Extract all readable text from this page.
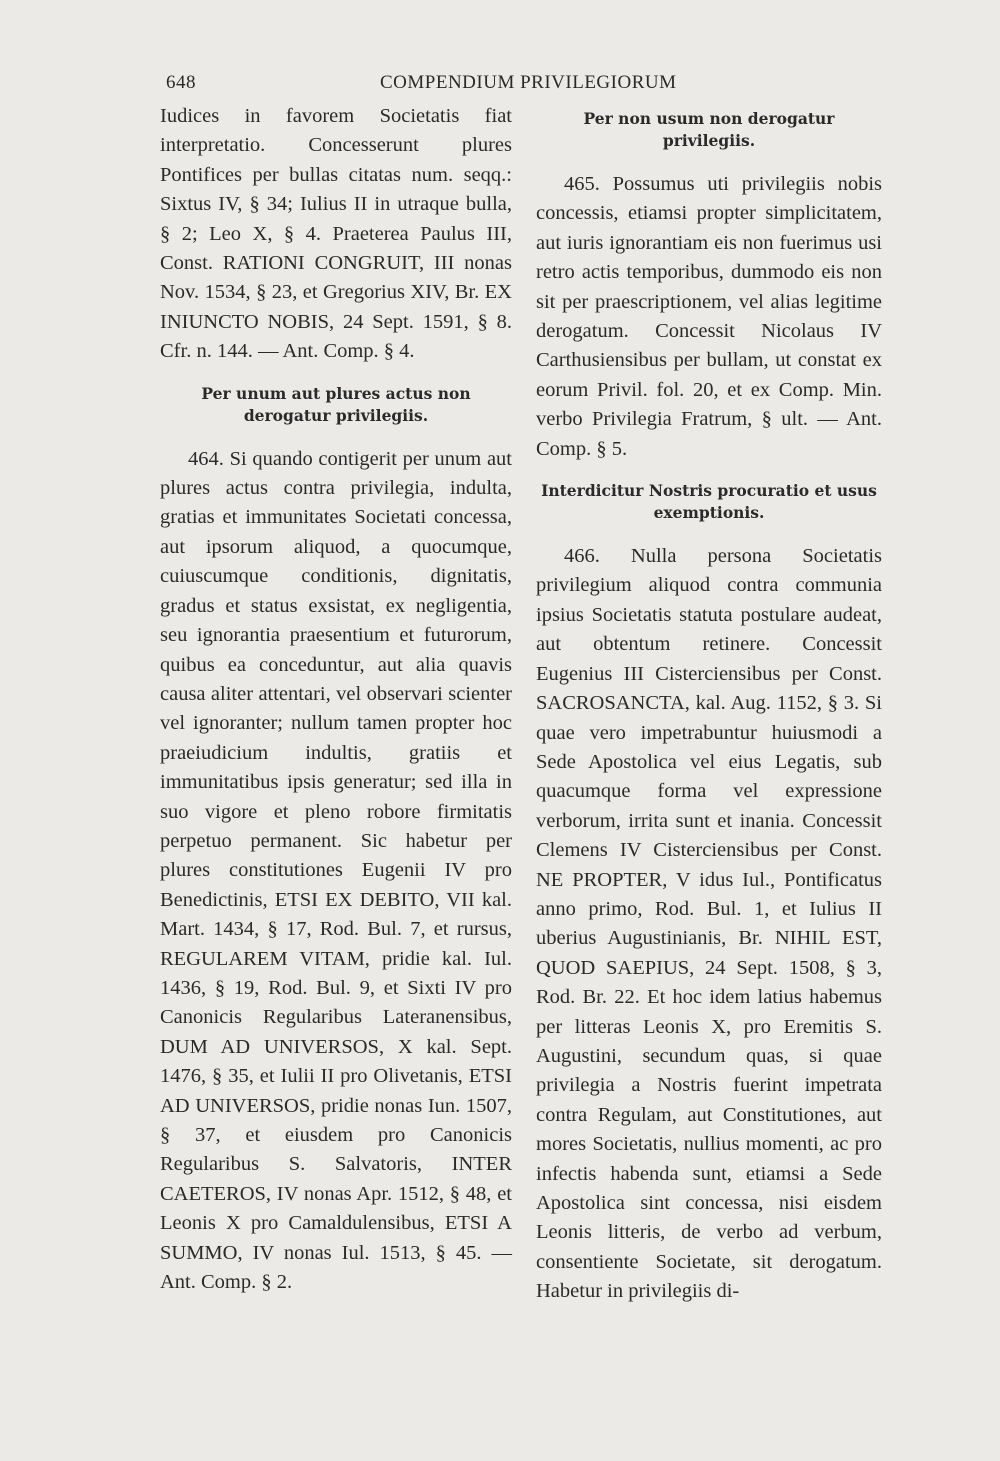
648	COMPENDIUM PRIVILEGIORUM

Iudices in favorem Societatis fiat interpretatio. Concesserunt plures Pontifices per bullas citatas num. seqq.: Sixtus IV, § 34; Iulius II in utraque bulla, § 2; Leo X, § 4. Praeterea Paulus III, Const. RATIONI CONGRUIT, III nonas Nov. 1534, § 23, et Gregorius XIV, Br. EX INIUNCTO NOBIS, 24 Sept. 1591, § 8. Cfr. n. 144. — Ant. Comp. § 4.

Per unum aut plures actus non derogatur privilegiis.

464. Si quando contigerit per unum aut plures actus contra privilegia, indulta, gratias et immunitates Societati concessa, aut ipsorum aliquod, a quocumque, cuiuscumque conditionis, dignitatis, gradus et status exsistat, ex negligentia, seu ignorantia praesentium et futurorum, quibus ea conceduntur, aut alia quavis causa aliter attentari, vel observari scienter vel ignoranter; nullum tamen propter hoc praeiudicium indultis, gratiis et immunitatibus ipsis generatur; sed illa in suo vigore et pleno robore firmitatis perpetuo permanent. Sic habetur per plures constitutiones Eugenii IV pro Benedictinis, ETSI EX DEBITO, VII kal. Mart. 1434, § 17, Rod. Bul. 7, et rursus, REGULAREM VITAM, pridie kal. Iul. 1436, § 19, Rod. Bul. 9, et Sixti IV pro Canonicis Regularibus Lateranensibus, DUM AD UNIVERSOS, X kal. Sept. 1476, § 35, et Iulii II pro Olivetanis, ETSI AD UNIVERSOS, pridie nonas Iun. 1507, § 37, et eiusdem pro Canonicis Regularibus S. Salvatoris, INTER CAETEROS, IV nonas Apr. 1512, § 48, et Leonis X pro Camaldulensibus, ETSI A SUMMO, IV nonas Iul. 1513, § 45. — Ant. Comp. § 2.

Per non usum non derogatur privilegiis.

465. Possumus uti privilegiis nobis concessis, etiamsi propter simplicitatem, aut iuris ignorantiam eis non fuerimus usi retro actis temporibus, dummodo eis non sit per praescriptionem, vel alias legitime derogatum. Concessit Nicolaus IV Carthusiensibus per bullam, ut constat ex eorum Privil. fol. 20, et ex Comp. Min. verbo Privilegia Fratrum, § ult. — Ant. Comp. § 5.

Interdicitur Nostris procuratio et usus exemptionis.

466. Nulla persona Societatis privilegium aliquod contra communia ipsius Societatis statuta postulare audeat, aut obtentum retinere. Concessit Eugenius III Cisterciensibus per Const. SACROSANCTA, kal. Aug. 1152, § 3. Si quae vero impetrabuntur huiusmodi a Sede Apostolica vel eius Legatis, sub quacumque forma vel expressione verborum, irrita sunt et inania. Concessit Clemens IV Cisterciensibus per Const. NE PROPTER, V idus Iul., Pontificatus anno primo, Rod. Bul. 1, et Iulius II uberius Augustinianis, Br. NIHIL EST, QUOD SAEPIUS, 24 Sept. 1508, § 3, Rod. Br. 22. Et hoc idem latius habemus per litteras Leonis X, pro Eremitis S. Augustini, secundum quas, si quae privilegia a Nostris fuerint impetrata contra Regulam, aut Constitutiones, aut mores Societatis, nullius momenti, ac pro infectis habenda sunt, etiamsi a Sede Apostolica sint concessa, nisi eisdem Leonis litteris, de verbo ad verbum, consentiente Societate, sit derogatum. Habetur in privilegiis di-
